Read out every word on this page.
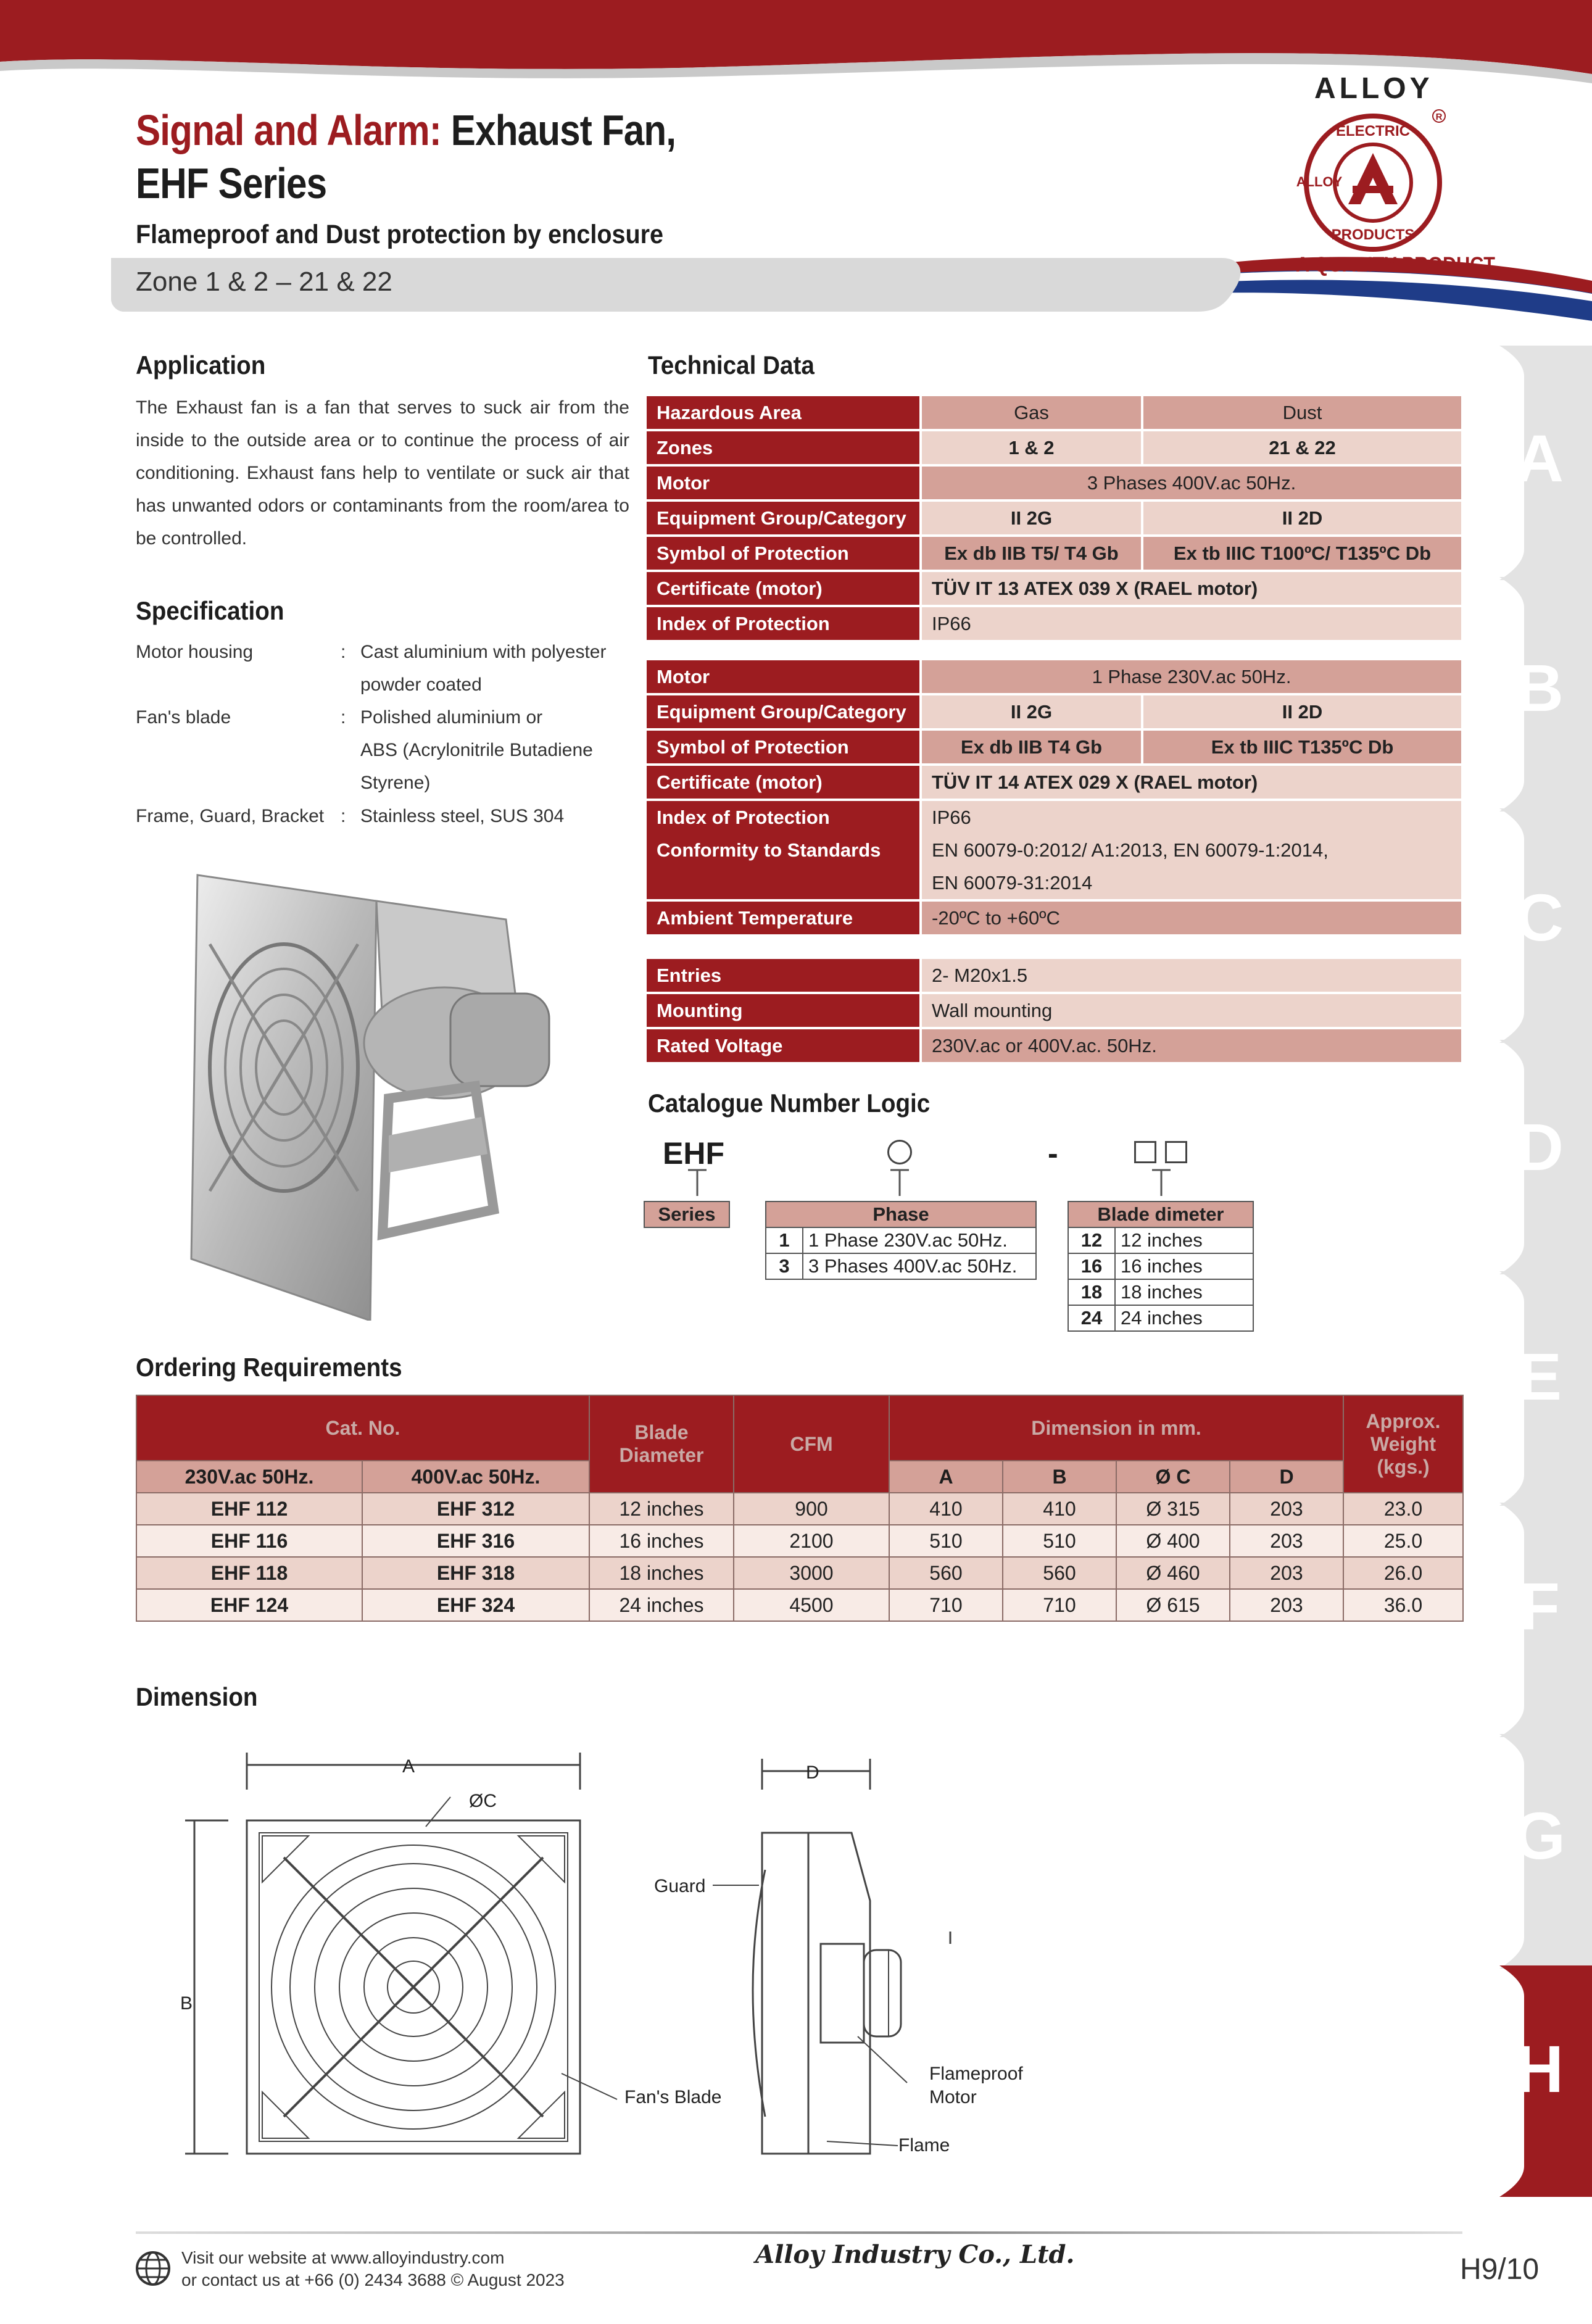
Signal and Alarm: Exhaust Fan,
EHF Series
Flameproof and Dust protection by enclosure
Zone 1 & 2 – 21 & 22
ALLOY
ELECTRIC
PRODUCTS
ALLOY
R
A QUALITY PRODUCT
Application
The Exhaust fan is a fan that serves to suck air from the inside to the outside area or to continue the process of air conditioning. Exhaust fans help to ventilate or suck air that has unwanted odors or contaminants from the room/area to be controlled.
Specification
Motor housing	: Cast aluminium with polyester
powder coated
Fan's blade	: Polished aluminium or
ABS (Acrylonitrile Butadiene
Styrene)
Frame, Guard, Bracket : Stainless steel, SUS 304
Technical Data
Hazardous Area	Gas	Dust
Zones	1 & 2	21 & 22
Motor	3 Phases 400V.ac 50Hz.	
Equipment Group/Category	II 2G	II 2D
Symbol of Protection	Ex db IIB T5/ T4 Gb	Ex tb IIIC T100ºC/ T135ºC Db
Certificate (motor)	TÜV IT 13 ATEX 039 X (RAEL motor)	
Index of Protection	IP66	
Motor	1 Phase 230V.ac 50Hz.	
Equipment Group/Category	II 2G	II 2D
Symbol of Protection	Ex db IIB T4 Gb	Ex tb IIIC T135ºC Db
Certificate (motor)	TÜV IT 14 ATEX 029 X (RAEL motor)	
Index of Protection	IP66	
Conformity to Standards	EN 60079-0:2012/ A1:2013, EN 60079-1:2014,	
	EN 60079-31:2014	
Ambient Temperature	-20ºC to +60ºC	
Entries	2- M20x1.5
Mounting	Wall mounting
Rated Voltage	230V.ac or 400V.ac. 50Hz.
Catalogue Number Logic
EHF	-
Series	Phase	
1	1 Phase 230V.ac 50Hz.
3	3 Phases 400V.ac 50Hz.
Blade dimeter	
12	12 inches
16	16 inches
18	18 inches
24	24 inches
Ordering Requirements
Cat. No.		Blade Diameter	CFM	Dimension in mm.				Approx. Weight (kgs.)
230V.ac 50Hz.	400V.ac 50Hz.			A	B	Ø C	D	
EHF 112	EHF 312	12 inches	900	410	410	Ø 315	203	23.0
EHF 116	EHF 316	16 inches	2100	510	510	Ø 400	203	25.0
EHF 118	EHF 318	18 inches	3000	560	560	Ø 460	203	26.0
EHF 124	EHF 324	24 inches	4500	710	710	Ø 615	203	36.0
Dimension
A
B
ØC
D
Guard
Fan's Blade
Flameproof
Motor
Flame
A
B
C
D
E
F
G
H
Visit our website at www.alloyindustry.com
or contact us at +66 (0) 2434 3688 © August 2023
Alloy Industry Co., Ltd.	H9/10
